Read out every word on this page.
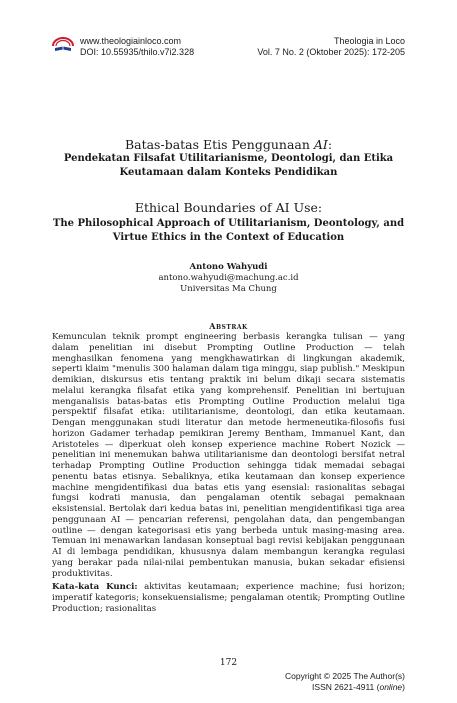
www.theologiainloco.com
DOI: 10.55935/thilo.v7i2.328
Theologia in Loco
Vol. 7 No. 2 (Oktober 2025): 172-205
Batas-batas Etis Penggunaan AI:
Pendekatan Filsafat Utilitarianisme, Deontologi, dan Etika
Keutamaan dalam Konteks Pendidikan
Ethical Boundaries of AI Use:
The Philosophical Approach of Utilitarianism, Deontology, and
Virtue Ethics in the Context of Education
Antono Wahyudi
antono.wahyudi@machung.ac.id
Universitas Ma Chung
Abstrak

Kemunculan teknik prompt engineering berbasis kerangka tulisan — yang dalam penelitian ini disebut Prompting Outline Production — telah menghasilkan fenomena yang mengkhawatirkan di lingkungan akademik, seperti klaim "menulis 300 halaman dalam tiga minggu, siap publish." Meskipun demikian, diskursus etis tentang praktik ini belum dikaji secara sistematis melalui kerangka filsafat etika yang komprehensif. Penelitian ini bertujuan menganalisis batas-batas etis Prompting Outline Production melalui tiga perspektif filsafat etika: utilitarianisme, deontologi, dan etika keutamaan. Dengan menggunakan studi literatur dan metode hermeneutika-filosofis fusi horizon Gadamer terhadap pemikiran Jeremy Bentham, Immanuel Kant, dan Aristoteles — diperkuat oleh konsep experience machine Robert Nozick — penelitian ini menemukan bahwa utilitarianisme dan deontologi bersifat netral terhadap Prompting Outline Production sehingga tidak memadai sebagai penentu batas etisnya. Sebaliknya, etika keutamaan dan konsep experience machine mengidentifikasi dua batas etis yang esensial: rasionalitas sebagai fungsi kodrati manusia, dan pengalaman otentik sebagai pemaknaan eksistensial. Bertolak dari kedua batas ini, penelitian mengidentifikasi tiga area penggunaan AI — pencarian referensi, pengolahan data, dan pengembangan outline — dengan kategorisasi etis yang berbeda untuk masing-masing area. Temuan ini menawarkan landasan konseptual bagi revisi kebijakan penggunaan AI di lembaga pendidikan, khususnya dalam membangun kerangka regulasi yang berakar pada nilai-nilai pembentukan manusia, bukan sekadar efisiensi produktivitas.

Kata-kata Kunci: aktivitas keutamaan; experience machine; fusi horizon; imperatif kategoris; konsekuensialisme; pengalaman otentik; Prompting Outline Production; rasionalitas

172
Copyright © 2025 The Author(s)
ISSN 2621-4911 (online)
